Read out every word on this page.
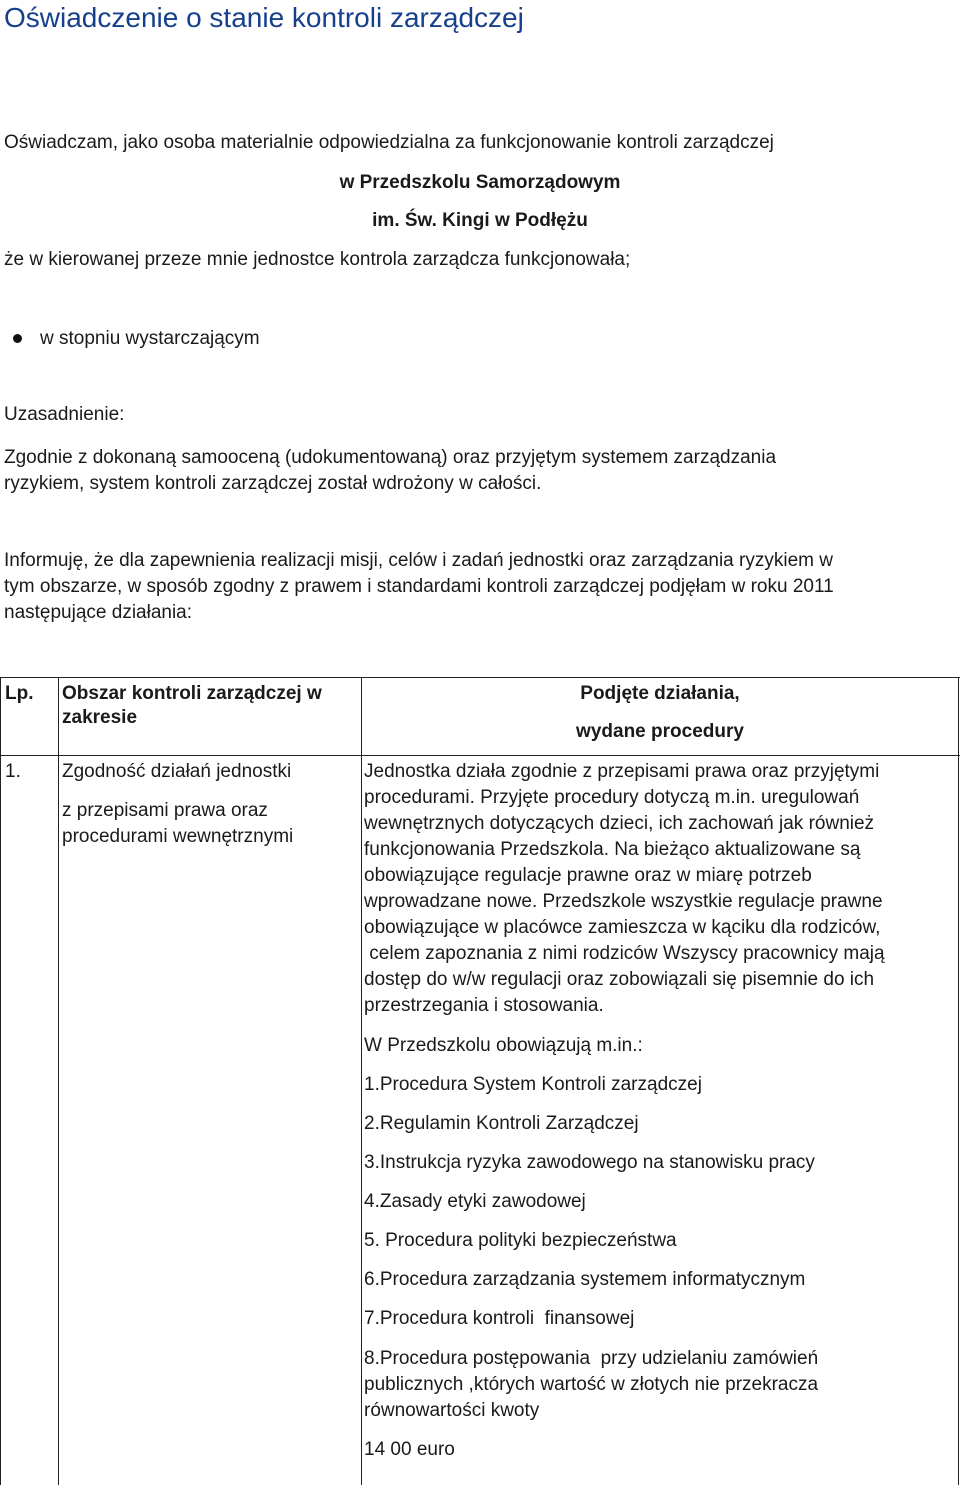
Oświadczenie o stanie kontroli zarządczej

Oświadczam, jako osoba materialnie odpowiedzialna za funkcjonowanie kontroli zarządczej

w Przedszkolu Samorządowym

im. Św. Kingi w Podłężu

że w kierowanej przeze mnie jednostce kontrola zarządcza funkcjonowała;

w stopniu wystarczającym

Uzasadnienie:

Zgodnie z dokonaną samooceną (udokumentowaną) oraz przyjętym systemem zarządzania

ryzykiem, system kontroli zarządczej został wdrożony w całości.

Informuję, że dla zapewnienia realizacji misji, celów i zadań jednostki oraz zarządzania ryzykiem w

tym obszarze, w sposób zgodny z prawem i standardami kontroli zarządczej podjęłam w roku 2011

następujące działania:

Lp. Obszar kontroli zarządczej w

zakresie

Podjęte działania,

wydane procedury

1. Zgodność działań jednostki

z przepisami prawa oraz

procedurami wewnętrznymi

Jednostka działa zgodnie z przepisami prawa oraz przyjętymi

procedurami. Przyjęte procedury dotyczą m.in. uregulowań

wewnętrznych dotyczących dzieci, ich zachowań jak również

funkcjonowania Przedszkola. Na bieżąco aktualizowane są

obowiązujące regulacje prawne oraz w miarę potrzeb

wprowadzane nowe. Przedszkole wszystkie regulacje prawne

obowiązujące w placówce zamieszcza w kąciku dla rodziców,

celem zapoznania z nimi rodziców Wszyscy pracownicy mają

dostęp do w/w regulacji oraz zobowiązali się pisemnie do ich

przestrzegania i stosowania.

W Przedszkolu obowiązują m.in.:

1.Procedura System Kontroli zarządczej

2.Regulamin Kontroli Zarządczej

3.Instrukcja ryzyka zawodowego na stanowisku pracy

4.Zasady etyki zawodowej

5. Procedura polityki bezpieczeństwa

6.Procedura zarządzania systemem informatycznym

7.Procedura kontroli  finansowej

8.Procedura postępowania  przy udzielaniu zamówień

publicznych ,których wartość w złotych nie przekracza

równowartości kwoty

14 00 euro
